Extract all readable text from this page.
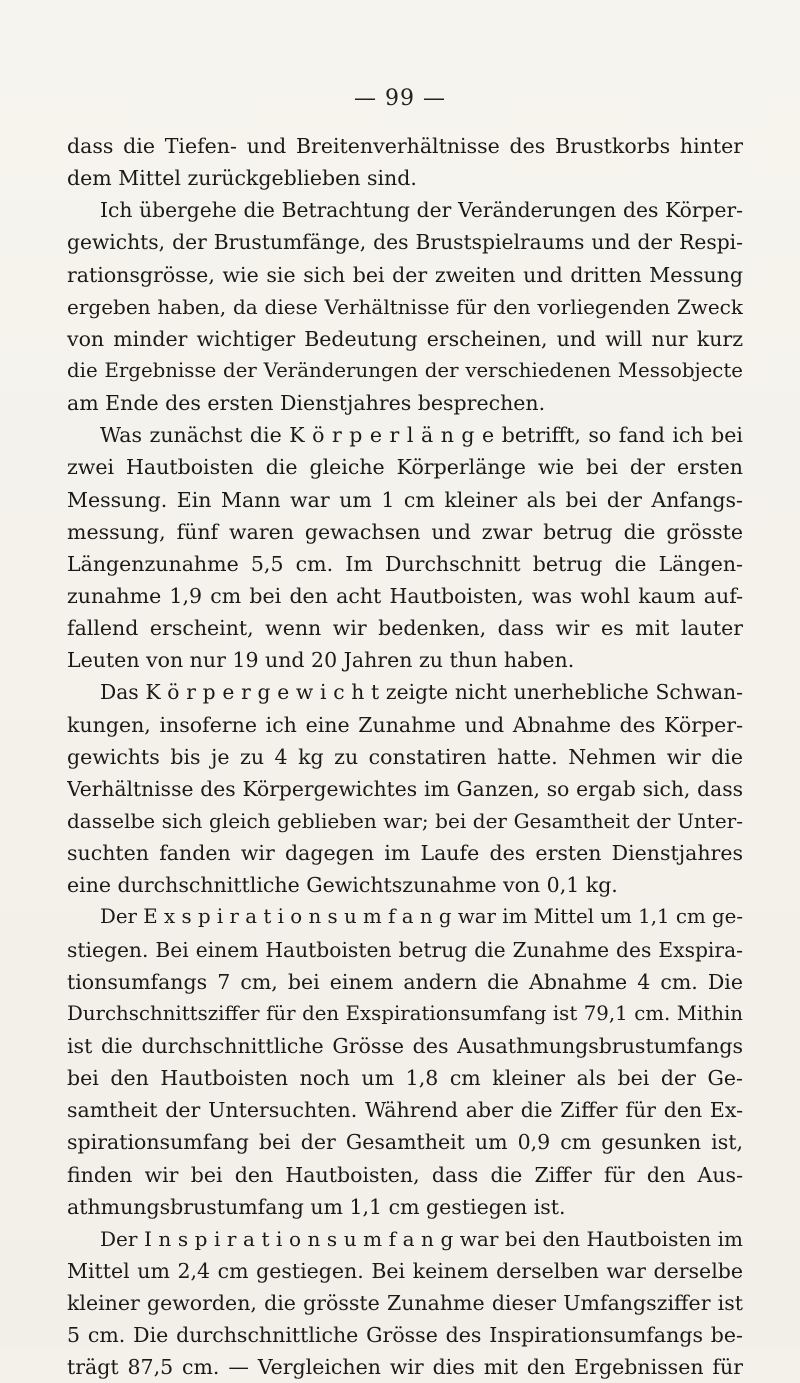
— 99 —
dass die Tiefen- und Breitenverhältnisse des Brustkorbs hinter
dem Mittel zurückgeblieben sind.
Ich übergehe die Betrachtung der Veränderungen des Körper-
gewichts, der Brustumfänge, des Brustspielraums und der Respi-
rationsgrösse, wie sie sich bei der zweiten und dritten Messung
ergeben haben, da diese Verhältnisse für den vorliegenden Zweck
von minder wichtiger Bedeutung erscheinen, und will nur kurz
die Ergebnisse der Veränderungen der verschiedenen Messobjecte
am Ende des ersten Dienstjahres besprechen.
Was zunächst die K ö r p e r l ä n g e betrifft, so fand ich bei
zwei Hautboisten die gleiche Körperlänge wie bei der ersten
Messung. Ein Mann war um 1 cm kleiner als bei der Anfangs-
messung, fünf waren gewachsen und zwar betrug die grösste
Längenzunahme 5,5 cm. Im Durchschnitt betrug die Längen-
zunahme 1,9 cm bei den acht Hautboisten, was wohl kaum auf-
fallend erscheint, wenn wir bedenken, dass wir es mit lauter
Leuten von nur 19 und 20 Jahren zu thun haben.
Das K ö r p e r g e w i c h t zeigte nicht unerhebliche Schwan-
kungen, insoferne ich eine Zunahme und Abnahme des Körper-
gewichts bis je zu 4 kg zu constatiren hatte. Nehmen wir die
Verhältnisse des Körpergewichtes im Ganzen, so ergab sich, dass
dasselbe sich gleich geblieben war; bei der Gesamtheit der Unter-
suchten fanden wir dagegen im Laufe des ersten Dienstjahres
eine durchschnittliche Gewichtszunahme von 0,1 kg.
Der E x s p i r a t i o n s u m f a n g war im Mittel um 1,1 cm ge-
stiegen. Bei einem Hautboisten betrug die Zunahme des Exspira-
tionsumfangs 7 cm, bei einem andern die Abnahme 4 cm. Die
Durchschnittsziffer für den Exspirationsumfang ist 79,1 cm. Mithin
ist die durchschnittliche Grösse des Ausathmungsbrustumfangs
bei den Hautboisten noch um 1,8 cm kleiner als bei der Ge-
samtheit der Untersuchten. Während aber die Ziffer für den Ex-
spirationsumfang bei der Gesamtheit um 0,9 cm gesunken ist,
finden wir bei den Hautboisten, dass die Ziffer für den Aus-
athmungsbrustumfang um 1,1 cm gestiegen ist.
Der I n s p i r a t i o n s u m f a n g war bei den Hautboisten im
Mittel um 2,4 cm gestiegen. Bei keinem derselben war derselbe
kleiner geworden, die grösste Zunahme dieser Umfangsziffer ist
5 cm. Die durchschnittliche Grösse des Inspirationsumfangs be-
trägt 87,5 cm. — Vergleichen wir dies mit den Ergebnissen für
